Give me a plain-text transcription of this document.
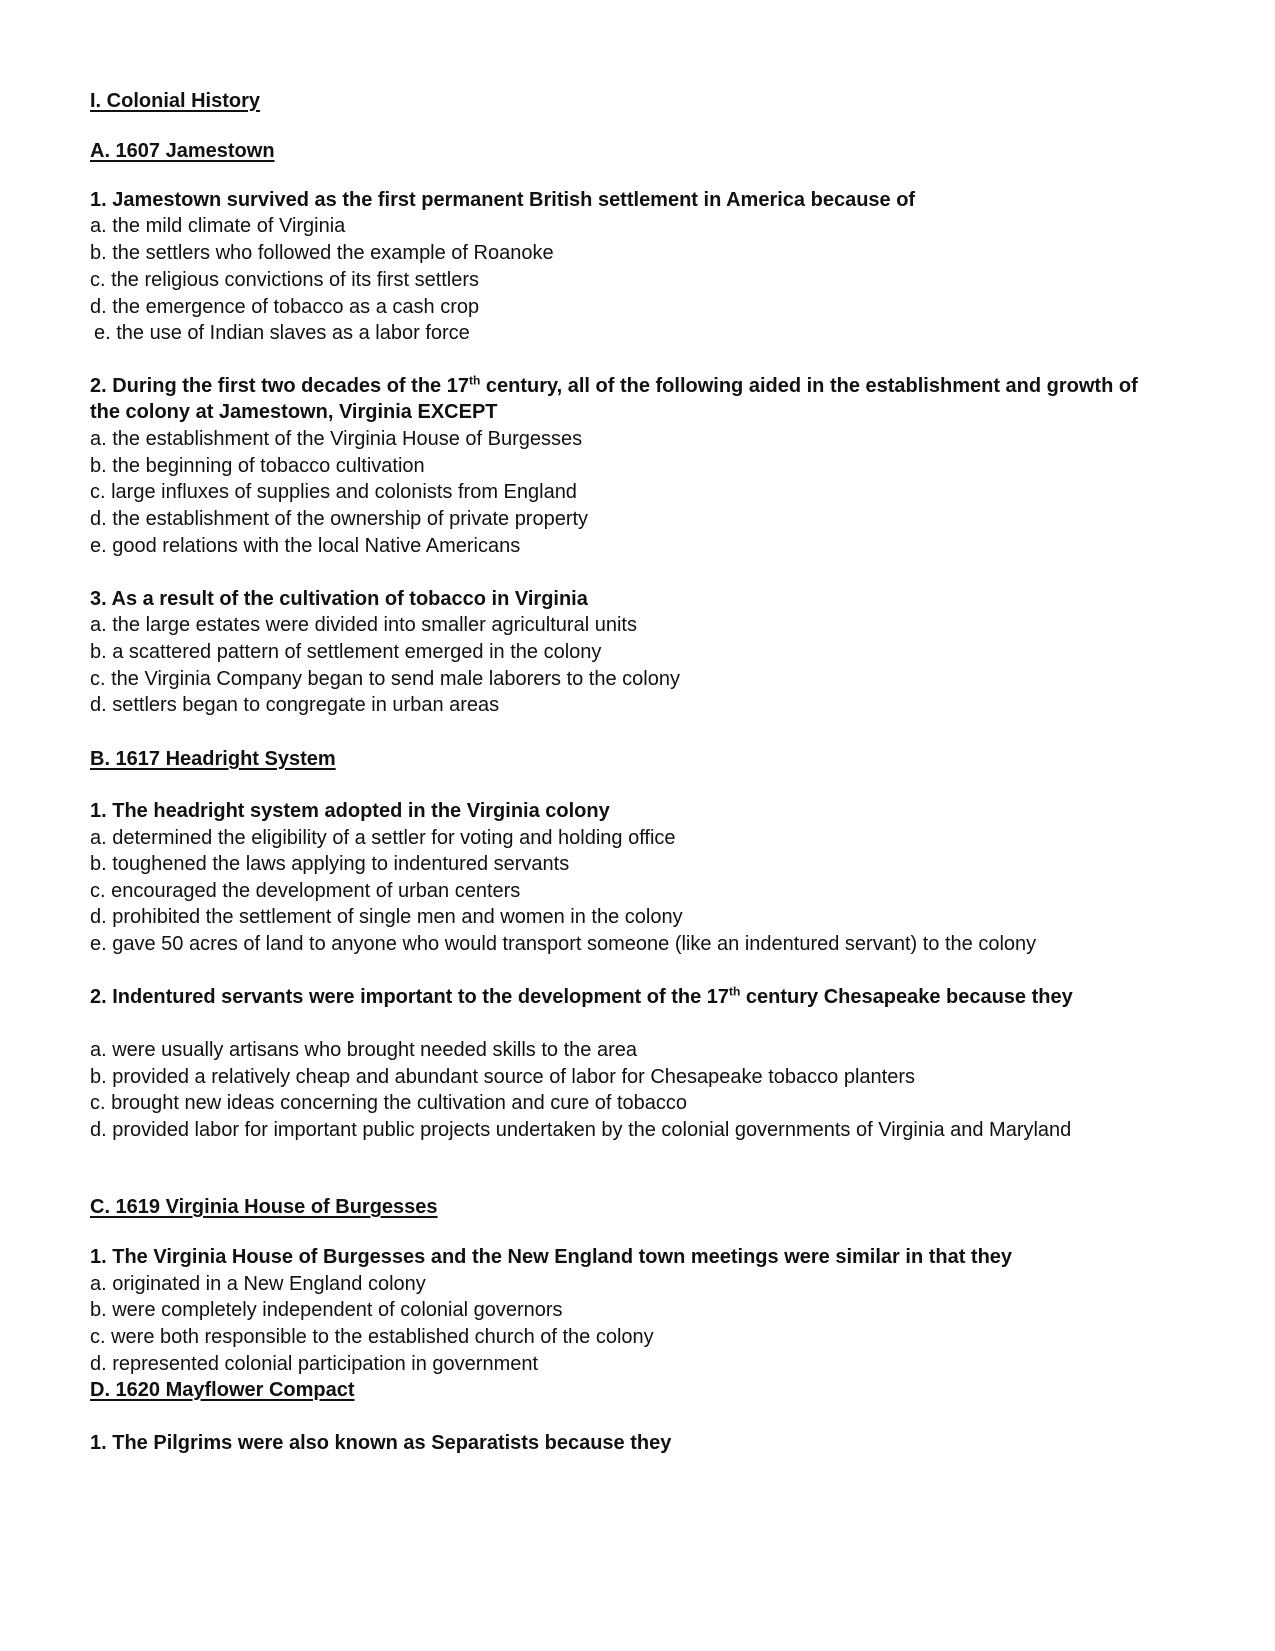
I. Colonial History
A. 1607 Jamestown
1. Jamestown survived as the first permanent British settlement in America because of
a. the mild climate of Virginia
b. the settlers who followed the example of Roanoke
c. the religious convictions of its first settlers
d. the emergence of tobacco as a cash crop
e. the use of Indian slaves as a labor force
2. During the first two decades of the 17th century, all of the following aided in the establishment and growth of
the colony at Jamestown, Virginia EXCEPT
a. the establishment of the Virginia House of Burgesses
b. the beginning of tobacco cultivation
c. large influxes of supplies and colonists from England
d. the establishment of the ownership of private property
e. good relations with the local Native Americans
3. As a result of the cultivation of tobacco in Virginia
a. the large estates were divided into smaller agricultural units
b. a scattered pattern of settlement emerged in the colony
c. the Virginia Company began to send male laborers to the colony
d. settlers began to congregate in urban areas
B. 1617 Headright System
1. The headright system adopted in the Virginia colony
a. determined the eligibility of a settler for voting and holding office
b. toughened the laws applying to indentured servants
c. encouraged the development of urban centers
d. prohibited the settlement of single men and women in the colony
e. gave 50 acres of land to anyone who would transport someone (like an indentured servant) to the colony
2. Indentured servants were important to the development of the 17th century Chesapeake because they
a. were usually artisans who brought needed skills to the area
b. provided a relatively cheap and abundant source of labor for Chesapeake tobacco planters
c. brought new ideas concerning the cultivation and cure of tobacco
d. provided labor for important public projects undertaken by the colonial governments of Virginia and Maryland
C. 1619 Virginia House of Burgesses
1. The Virginia House of Burgesses and the New England town meetings were similar in that they
a. originated in a New England colony
b. were completely independent of colonial governors
c. were both responsible to the established church of the colony
d. represented colonial participation in government
D. 1620 Mayflower Compact
1. The Pilgrims were also known as Separatists because they
